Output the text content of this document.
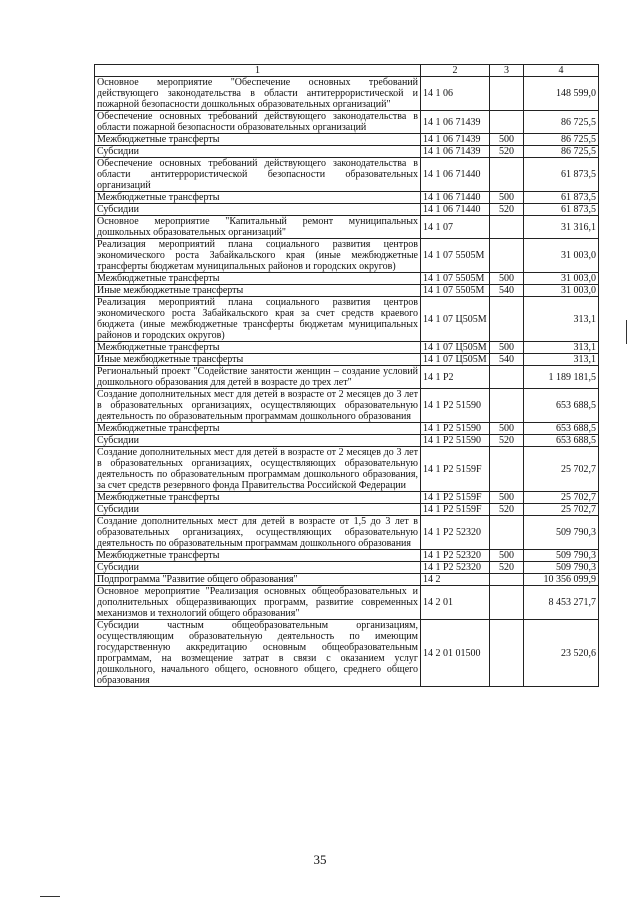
1	2	3	4
Основное мероприятие "Обеспечение основных требований действующего законодательства в области антитеррористической и пожарной безопасности дошкольных образовательных организаций"	14 1 06		148 599,0
Обеспечение основных требований действующего законодательства в области пожарной безопасности образовательных организаций	14 1 06 71439		86 725,5
Межбюджетные трансферты	14 1 06 71439	500	86 725,5
Субсидии	14 1 06 71439	520	86 725,5
Обеспечение основных требований действующего законодательства в области антитеррористической безопасности образовательных организаций	14 1 06 71440		61 873,5
Межбюджетные трансферты	14 1 06 71440	500	61 873,5
Субсидии	14 1 06 71440	520	61 873,5
Основное мероприятие "Капитальный ремонт муниципальных дошкольных образовательных организаций"	14 1 07		31 316,1
Реализация мероприятий плана социального развития центров экономического роста Забайкальского края (иные межбюджетные трансферты бюджетам муниципальных районов и городских округов)	14 1 07 5505М		31 003,0
Межбюджетные трансферты	14 1 07 5505М	500	31 003,0
Иные межбюджетные трансферты	14 1 07 5505М	540	31 003,0
Реализация мероприятий плана социального развития центров экономического роста Забайкальского края за счет средств краевого бюджета (иные межбюджетные трансферты бюджетам муниципальных районов и городских округов)	14 1 07 Ц505М		313,1
Межбюджетные трансферты	14 1 07 Ц505М	500	313,1
Иные межбюджетные трансферты	14 1 07 Ц505М	540	313,1
Региональный проект "Содействие занятости женщин – создание условий дошкольного образования для детей в возрасте до трех лет"	14 1 Р2		1 189 181,5
Создание дополнительных мест для детей в возрасте от 2 месяцев до 3 лет в образовательных организациях, осуществляющих образовательную деятельность по образовательным программам дошкольного образования	14 1 Р2 51590		653 688,5
Межбюджетные трансферты	14 1 Р2 51590	500	653 688,5
Субсидии	14 1 Р2 51590	520	653 688,5
Создание дополнительных мест для детей в возрасте от 2 месяцев до 3 лет в образовательных организациях, осуществляющих образовательную деятельность по образовательным программам дошкольного образования, за счет средств резервного фонда Правительства Российской Федерации	14 1 Р2 5159F		25 702,7
Межбюджетные трансферты	14 1 Р2 5159F	500	25 702,7
Субсидии	14 1 Р2 5159F	520	25 702,7
Создание дополнительных мест для детей в возрасте от 1,5 до 3 лет в образовательных организациях, осуществляющих образовательную деятельность по образовательным программам дошкольного образования	14 1 Р2 52320		509 790,3
Межбюджетные трансферты	14 1 Р2 52320	500	509 790,3
Субсидии	14 1 Р2 52320	520	509 790,3
Подпрограмма "Развитие общего образования"	14 2		10 356 099,9
Основное мероприятие "Реализация основных общеобразовательных и дополнительных общеразвивающих программ, развитие современных механизмов и технологий общего образования"	14 2 01		8 453 271,7
Субсидии частным общеобразовательным организациям, осуществляющим образовательную деятельность по имеющим государственную аккредитацию основным общеобразовательным программам, на возмещение затрат в связи с оказанием услуг дошкольного, начального общего, основного общего, среднего общего образования	14 2 01 01500		23 520,6
35
